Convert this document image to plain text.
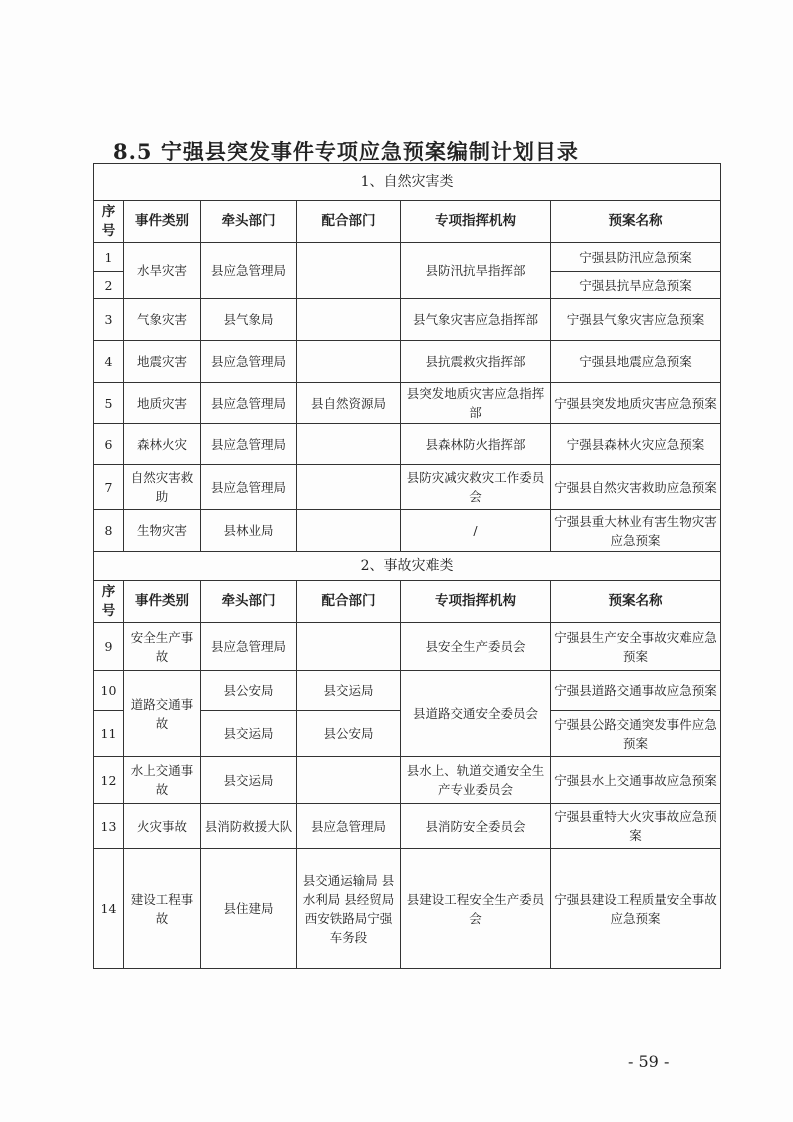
8.5 宁强县突发事件专项应急预案编制计划目录
1、自然灾害类					
序号	事件类别	牵头部门	配合部门	专项指挥机构	预案名称
1	水旱灾害	县应急管理局		县防汛抗旱指挥部	宁强县防汛应急预案
2					宁强县抗旱应急预案
3	气象灾害	县气象局		县气象灾害应急指挥部	宁强县气象灾害应急预案
4	地震灾害	县应急管理局		县抗震救灾指挥部	宁强县地震应急预案
5	地质灾害	县应急管理局	县自然资源局	县突发地质灾害应急指挥部	宁强县突发地质灾害应急预案
6	森林火灾	县应急管理局		县森林防火指挥部	宁强县森林火灾应急预案
7	自然灾害救助	县应急管理局		县防灾减灾救灾工作委员会	宁强县自然灾害救助应急预案
8	生物灾害	县林业局		/	宁强县重大林业有害生物灾害应急预案
2、事故灾难类					
序号	事件类别	牵头部门	配合部门	专项指挥机构	预案名称
9	安全生产事故	县应急管理局		县安全生产委员会	宁强县生产安全事故灾难应急预案
10	道路交通事故	县公安局	县交运局	县道路交通安全委员会	宁强县道路交通事故应急预案
11		县交运局	县公安局		宁强县公路交通突发事件应急预案
12	水上交通事故	县交运局		县水上、轨道交通安全生产专业委员会	宁强县水上交通事故应急预案
13	火灾事故	县消防救援大队	县应急管理局	县消防安全委员会	宁强县重特大火灾事故应急预案
14	建设工程事故	县住建局	县交通运输局 县水利局 县经贸局 西安铁路局宁强车务段	县建设工程安全生产委员会	宁强县建设工程质量安全事故应急预案
- 59 -
